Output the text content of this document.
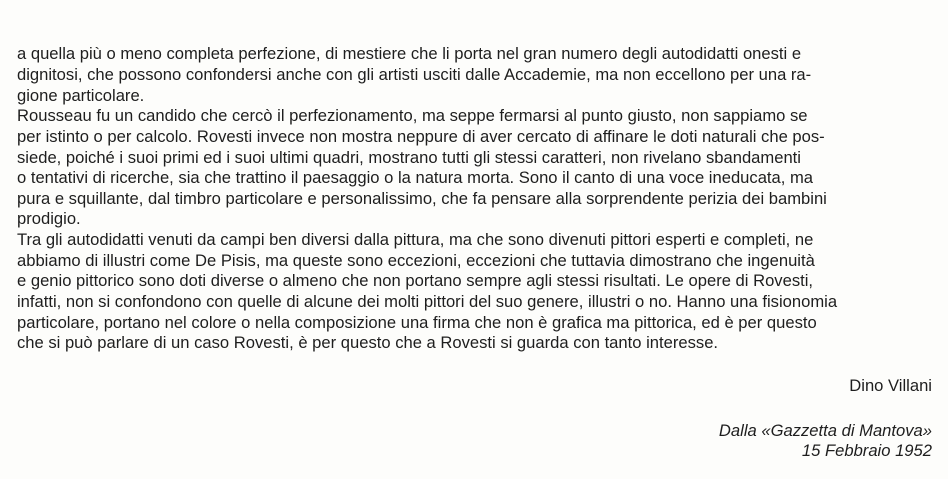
a quella più o meno completa perfezione, di mestiere che li porta nel gran numero degli autodidatti onesti e
dignitosi, che possono confondersi anche con gli artisti usciti dalle Accademie, ma non eccellono per una ra-
gione particolare.
Rousseau fu un candido che cercò il perfezionamento, ma seppe fermarsi al punto giusto, non sappiamo se
per istinto o per calcolo. Rovesti invece non mostra neppure di aver cercato di affinare le doti naturali che pos-
siede, poiché i suoi primi ed i suoi ultimi quadri, mostrano tutti gli stessi caratteri, non rivelano sbandamenti
o tentativi di ricerche, sia che trattino il paesaggio o la natura morta. Sono il canto di una voce ineducata, ma
pura e squillante, dal timbro particolare e personalissimo, che fa pensare alla sorprendente perizia dei bambini
prodigio.
Tra gli autodidatti venuti da campi ben diversi dalla pittura, ma che sono divenuti pittori esperti e completi, ne
abbiamo di illustri come De Pisis, ma queste sono eccezioni, eccezioni che tuttavia dimostrano che ingenuità
e genio pittorico sono doti diverse o almeno che non portano sempre agli stessi risultati. Le opere di Rovesti,
infatti, non si confondono con quelle di alcune dei molti pittori del suo genere, illustri o no. Hanno una fisionomia
particolare, portano nel colore o nella composizione una firma che non è grafica ma pittorica, ed è per questo
che si può parlare di un caso Rovesti, è per questo che a Rovesti si guarda con tanto interesse.
Dino Villani
Dalla «Gazzetta di Mantova»
15 Febbraio 1952
